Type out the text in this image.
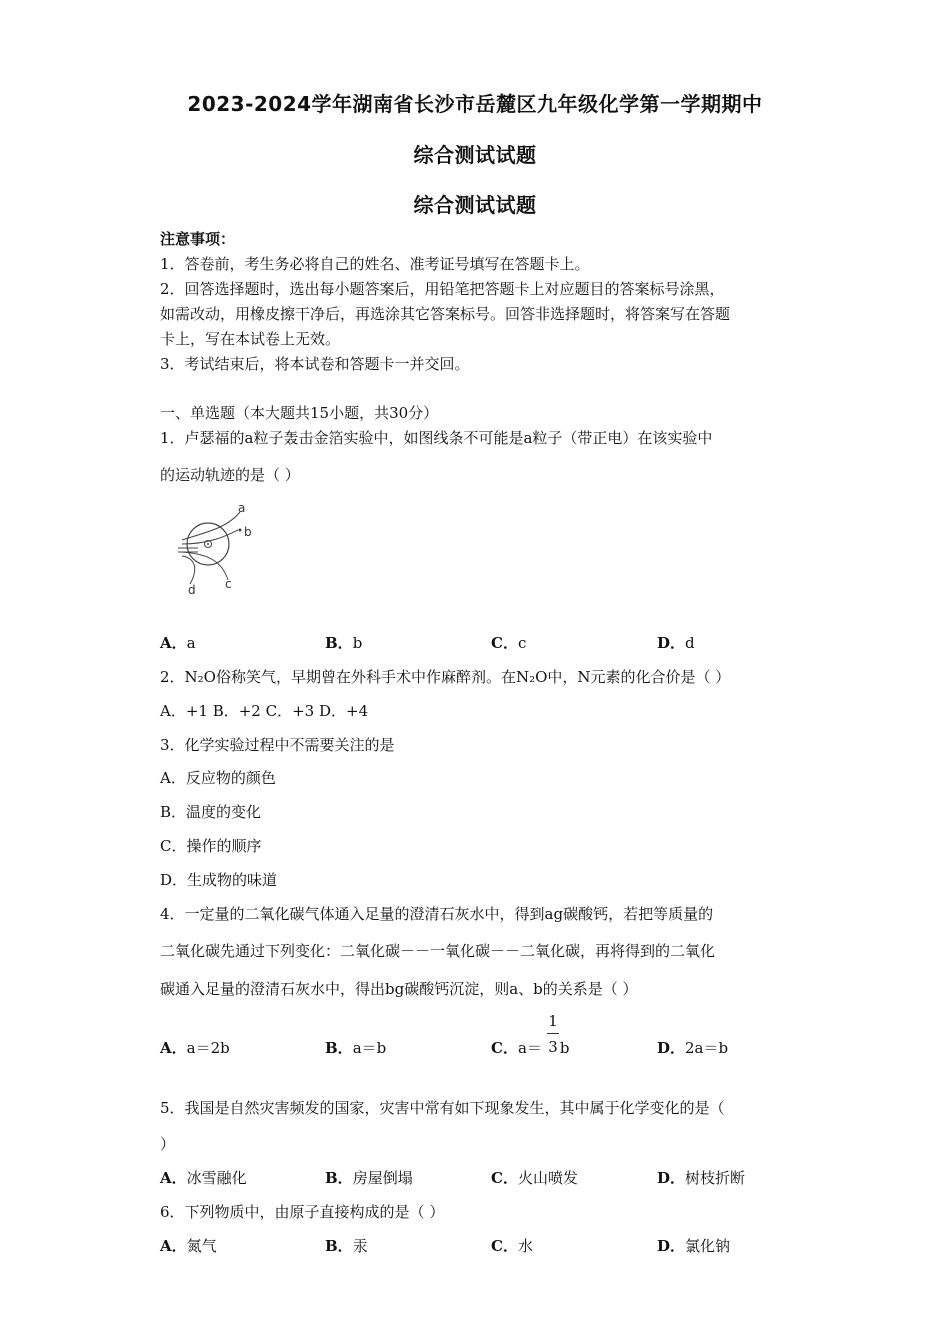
2023-2024学年湖南省长沙市岳麓区九年级化学第一学期期中
综合测试试题
综合测试试题
注意事项：
1．答卷前，考生务必将自己的姓名、准考证号填写在答题卡上。
2．回答选择题时，选出每小题答案后，用铅笔把答题卡上对应题目的答案标号涂黑，
如需改动，用橡皮擦干净后，再选涂其它答案标号。回答非选择题时，将答案写在答题
卡上，写在本试卷上无效。
3．考试结束后，将本试卷和答题卡一并交回。
一、单选题（本大题共15小题，共30分）
1．卢瑟福的a粒子轰击金箔实验中，如图线条不可能是a粒子（带正电）在该实验中
的运动轨迹的是（ ）
a
b
c
d
A．a	B．b	C．c	D．d
2．N₂O俗称笑气，早期曾在外科手术中作麻醉剂。在N₂O中，N元素的化合价是（ ）
A．+1 B．+2 C．+3 D．+4
3．化学实验过程中不需要关注的是
A．反应物的颜色
B．温度的变化
C．操作的顺序
D．生成物的味道
4．一定量的二氧化碳气体通入足量的澄清石灰水中，得到ag碳酸钙，若把等质量的
二氧化碳先通过下列变化：二氧化碳－－一氧化碳－－二氧化碳，再将得到的二氧化
碳通入足量的澄清石灰水中，得出bg碳酸钙沉淀，则a、b的关系是（ ）
A．a＝2b	B．a＝b	C．a＝ b
1
3	D．2a＝b
5．我国是自然灾害频发的国家，灾害中常有如下现象发生，其中属于化学变化的是（
）
A．冰雪融化	B．房屋倒塌	C．火山喷发	D．树枝折断
6．下列物质中，由原子直接构成的是（ ）
A．氮气	B．汞	C．水	D．氯化钠
